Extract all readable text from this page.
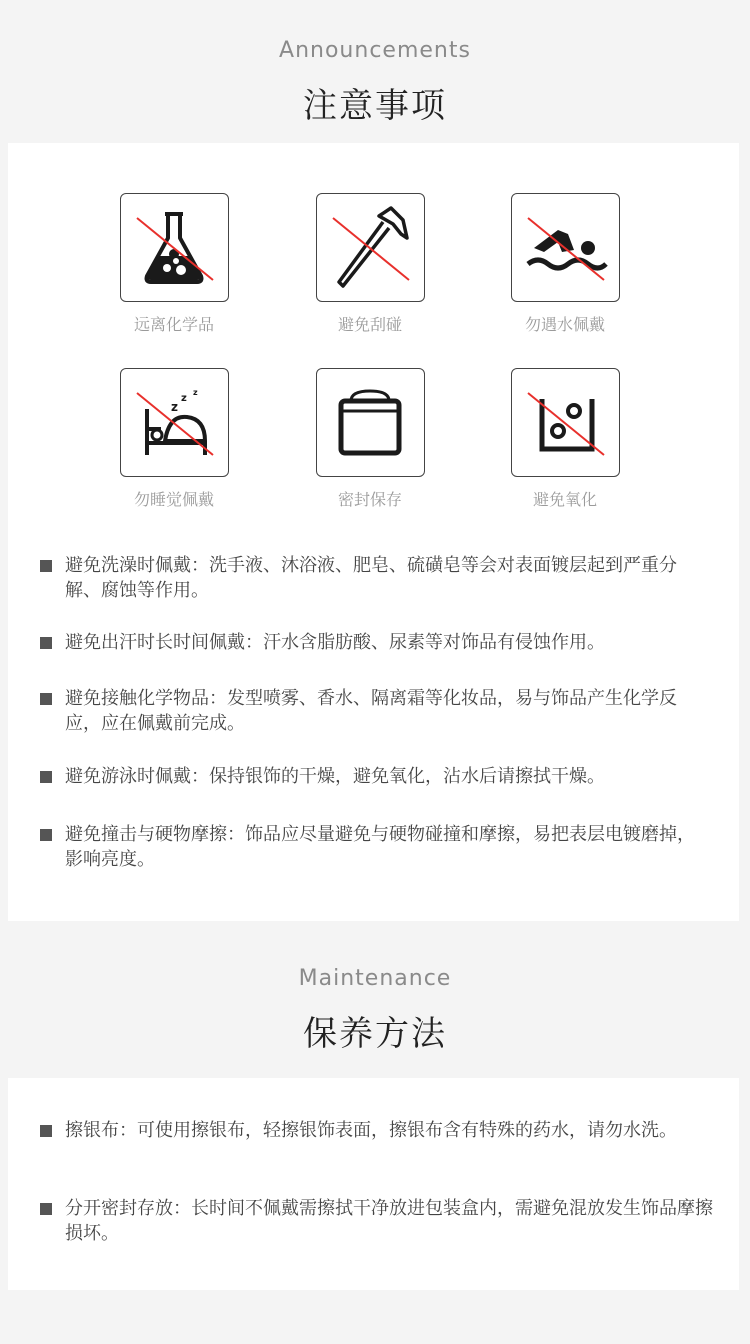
Announcements
注意事项
远离化学品	避免刮碰	勿遇水佩戴
z
z
z
勿睡觉佩戴	密封保存	避免氧化
避免洗澡时佩戴：洗手液、沐浴液、肥皂、硫磺皂等会对表面镀层起到严重分解、腐蚀等作用。
避免出汗时长时间佩戴：汗水含脂肪酸、尿素等对饰品有侵蚀作用。
避免接触化学物品：发型喷雾、香水、隔离霜等化妆品，易与饰品产生化学反应，应在佩戴前完成。
避免游泳时佩戴：保持银饰的干燥，避免氧化，沾水后请擦拭干燥。
避免撞击与硬物摩擦：饰品应尽量避免与硬物碰撞和摩擦，易把表层电镀磨掉，影响亮度。
Maintenance
保养方法
擦银布：可使用擦银布，轻擦银饰表面，擦银布含有特殊的药水，请勿水洗。
分开密封存放：长时间不佩戴需擦拭干净放进包装盒内，需避免混放发生饰品摩擦损坏。
